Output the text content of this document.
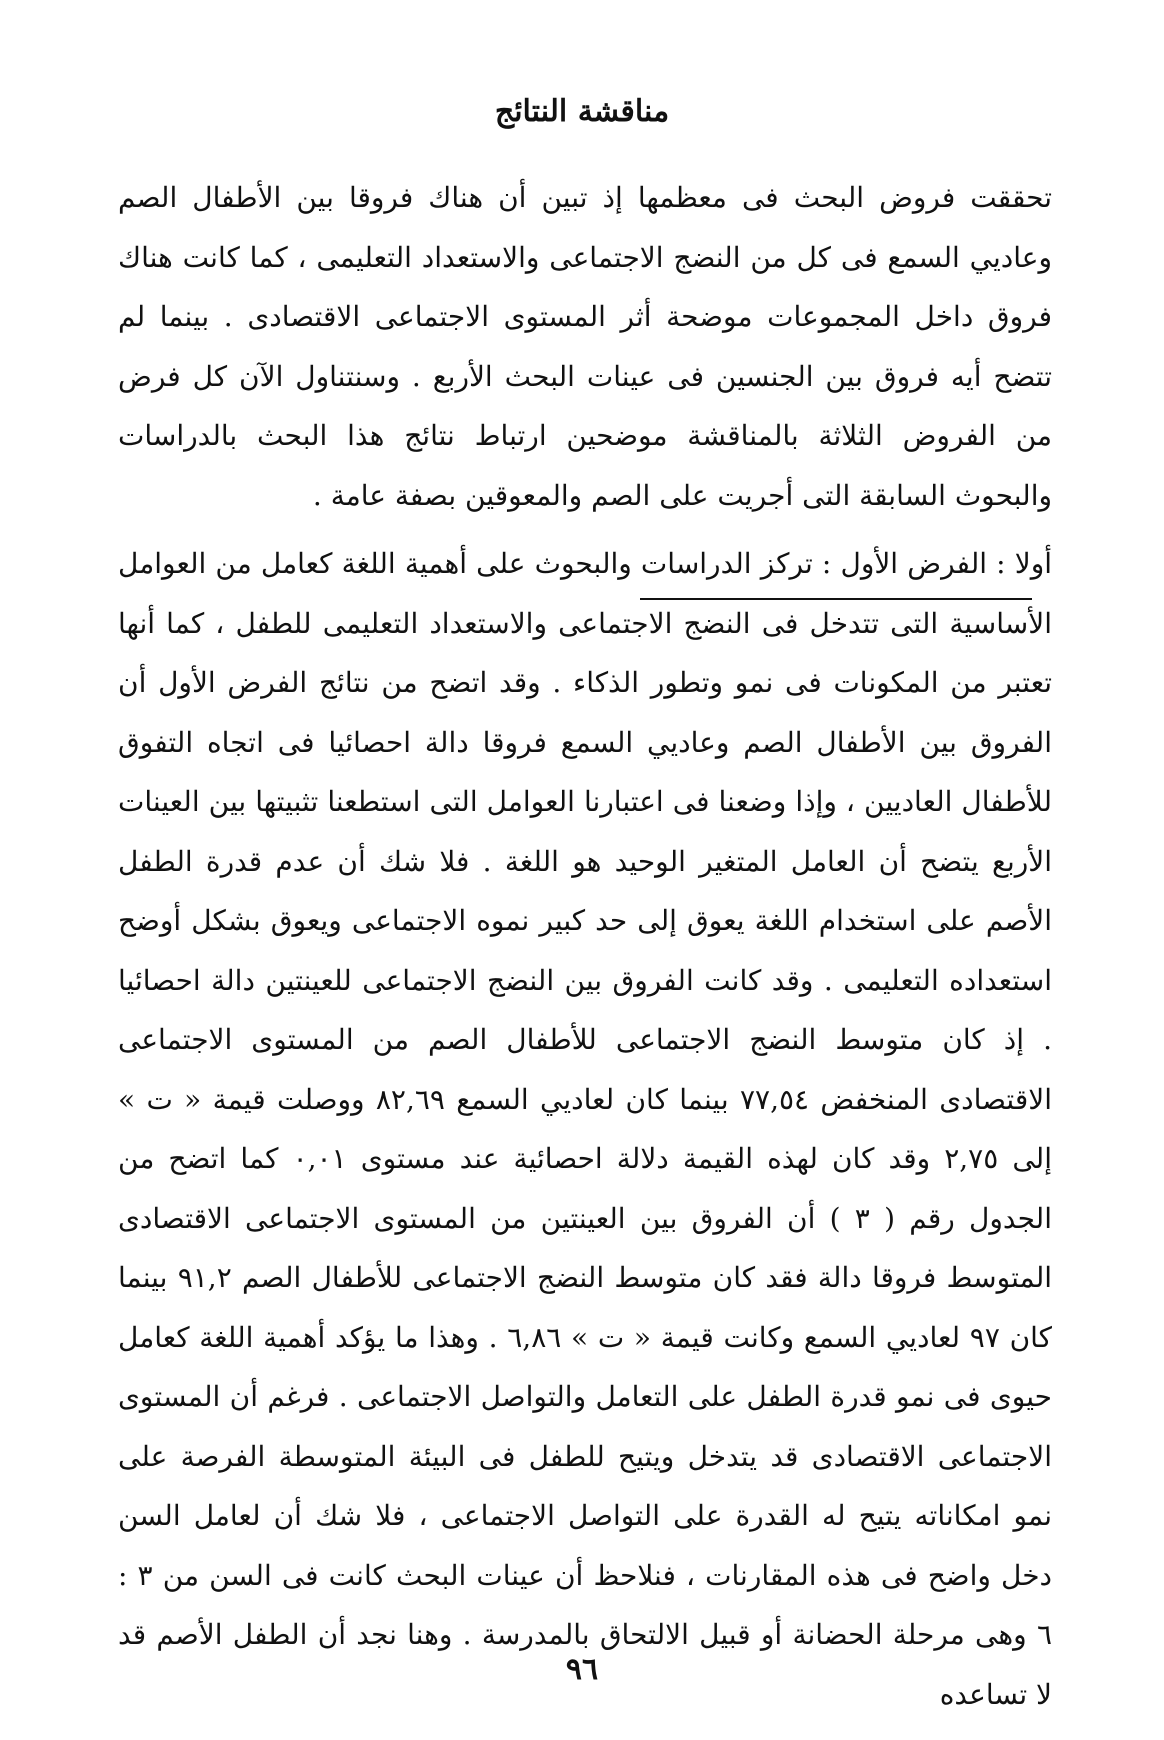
مناقشة النتائج

تحققت فروض البحث فى معظمها إذ تبين أن هناك فروقا بين الأطفال الصم وعاديي السمع فى كل من النضج الاجتماعى والاستعداد التعليمى ، كما كانت هناك فروق داخل المجموعات موضحة أثر المستوى الاجتماعى الاقتصادى . بينما لم تتضح أيه فروق بين الجنسين فى عينات البحث الأربع . وسنتناول الآن كل فرض من الفروض الثلاثة بالمناقشة موضحين ارتباط نتائج هذا البحث بالدراسات والبحوث السابقة التى أجريت على الصم والمعوقين بصفة عامة .

أولا : الفرض الأول : تركز الدراسات والبحوث على أهمية اللغة كعامل من العوامل الأساسية التى تتدخل فى النضج الاجتماعى والاستعداد التعليمى للطفل ، كما أنها تعتبر من المكونات فى نمو وتطور الذكاء . وقد اتضح من نتائج الفرض الأول أن الفروق بين الأطفال الصم وعاديي السمع فروقا دالة احصائيا فى اتجاه التفوق للأطفال العاديين ، وإذا وضعنا فى اعتبارنا العوامل التى استطعنا تثبيتها بين العينات الأربع يتضح أن العامل المتغير الوحيد هو اللغة . فلا شك أن عدم قدرة الطفل الأصم على استخدام اللغة يعوق إلى حد كبير نموه الاجتماعى ويعوق بشكل أوضح استعداده التعليمى . وقد كانت الفروق بين النضج الاجتماعى للعينتين دالة احصائيا . إذ كان متوسط النضج الاجتماعى للأطفال الصم من المستوى الاجتماعى الاقتصادى المنخفض ٧٧,٥٤ بينما كان لعاديي السمع ٨٢,٦٩ ووصلت قيمة « ت » إلى ٢,٧٥ وقد كان لهذه القيمة دلالة احصائية عند مستوى ٠,٠١ كما اتضح من الجدول رقم ( ٣ ) أن الفروق بين العينتين من المستوى الاجتماعى الاقتصادى المتوسط فروقا دالة فقد كان متوسط النضج الاجتماعى للأطفال الصم ٩١,٢ بينما كان ٩٧ لعاديي السمع وكانت قيمة « ت » ٦,٨٦ . وهذا ما يؤكد أهمية اللغة كعامل حيوى فى نمو قدرة الطفل على التعامل والتواصل الاجتماعى . فرغم أن المستوى الاجتماعى الاقتصادى قد يتدخل ويتيح للطفل فى البيئة المتوسطة الفرصة على نمو امكاناته يتيح له القدرة على التواصل الاجتماعى ، فلا شك أن لعامل السن دخل واضح فى هذه المقارنات ، فنلاحظ أن عينات البحث كانت فى السن من ٣ : ٦ وهى مرحلة الحضانة أو قبيل الالتحاق بالمدرسة . وهنا نجد أن الطفل الأصم قد لا تساعده

٩٦
